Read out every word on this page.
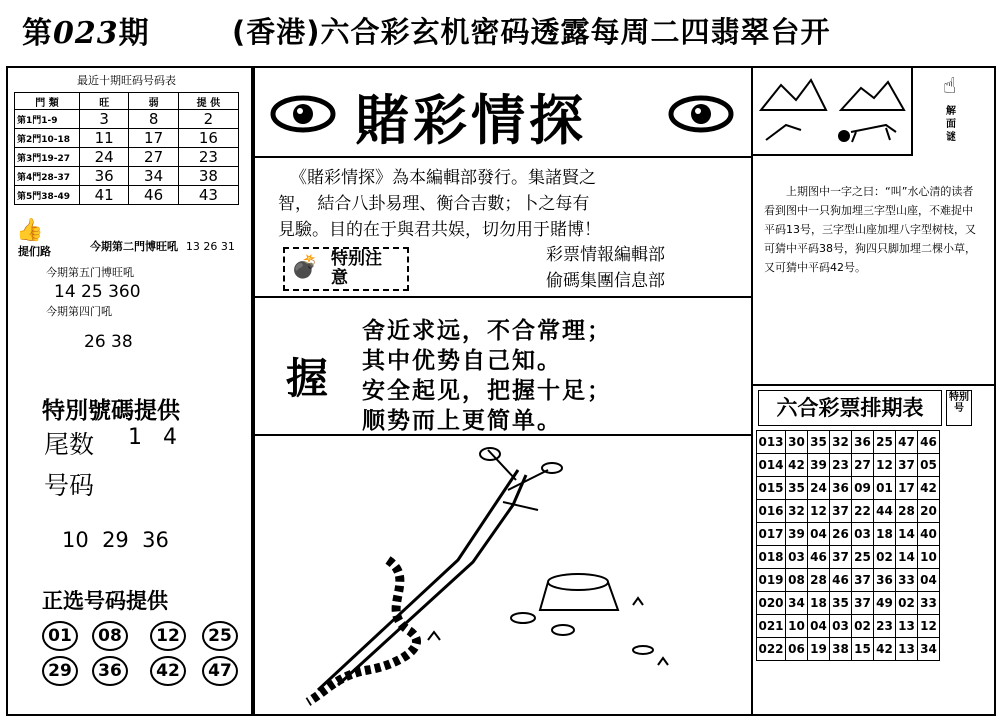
第023期	(香港)六合彩玄机密码透露每周二四翡翠台开
最近十期旺码号码表
門 類	旺	弱	提 供
第1門1-9	3	8	2
第2門10-18	11	17	16
第3門19-27	24	27	23
第4門28-37	36	34	38
第5門38-49	41	46	43
👍
提们路	今期第二門博旺吼 13 26 31
今期第五门博旺吼
14 25 360
今期第四门吼
26 38
特別號碼提供
尾数 1   4
号码
10  29  36
正选号码提供
01	08	12	25
29	36	42	47
賭彩情探
《賭彩情探》為本編輯部發行。集諸賢之
智， 結合八卦易理、衡合吉數；卜之每有
見驗。目的在于與君共娱，切勿用于賭博！
💣 特别注意
彩票情報編輯部
偷碼集團信息部
握
舍近求远，不合常理；
其中优势自己知。
安全起见，把握十足；
顺势而上更简单。
☝
解面谜
上期图中一字之曰：“叫”水心清的读者看到图中一只狗加埋三字型山座，不难捉中平码13号，三字型山座加埋八字型树枝，又可猜中平码38号，狗四只脚加埋二棵小草，又可猜中平码42号。
六合彩票排期表	特别号
013	30	35	32	36	25	47	46
014	42	39	23	27	12	37	05
015	35	24	36	09	01	17	42
016	32	12	37	22	44	28	20
017	39	04	26	03	18	14	40
018	03	46	37	25	02	14	10
019	08	28	46	37	36	33	04
020	34	18	35	37	49	02	33
021	10	04	03	02	23	13	12
022	06	19	38	15	42	13	34
